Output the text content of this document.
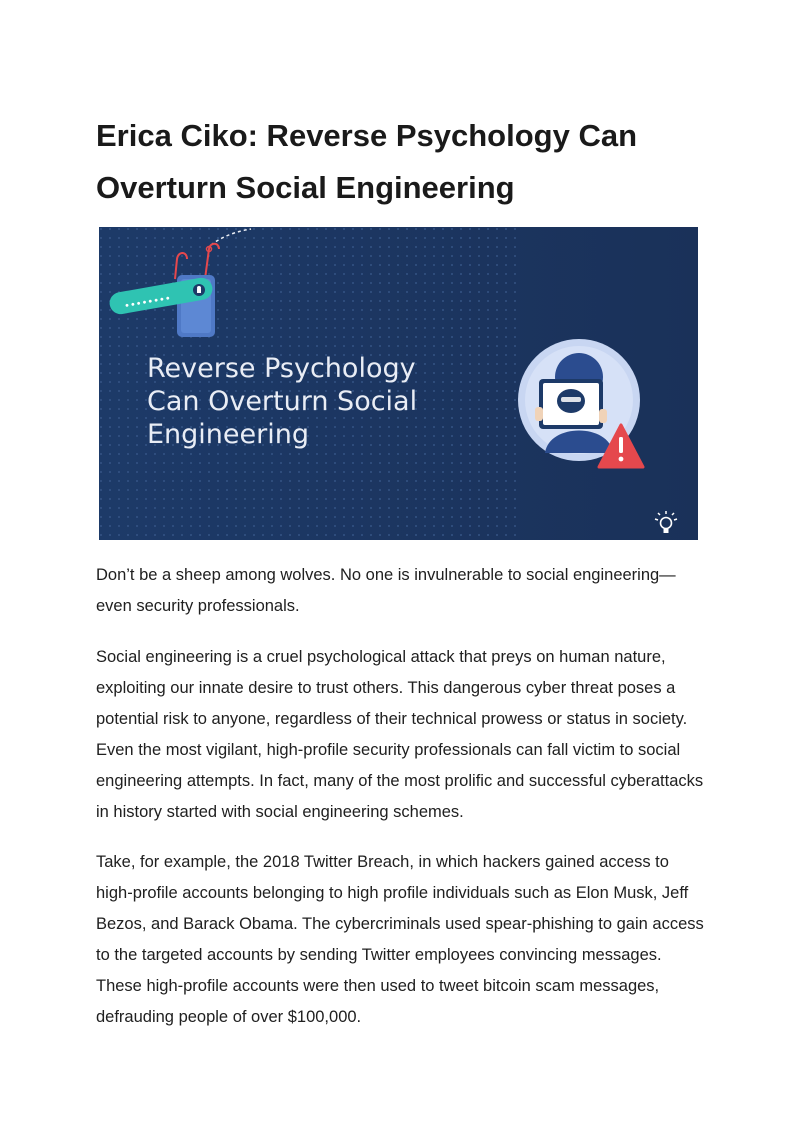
Erica Ciko: Reverse Psychology Can Overturn Social Engineering
••••••••
Reverse Psychology
Can Overturn Social
Engineering

Don’t be a sheep among wolves. No one is invulnerable to social engineering—even security professionals.

Social engineering is a cruel psychological attack that preys on human nature, exploiting our innate desire to trust others. This dangerous cyber threat poses a potential risk to anyone, regardless of their technical prowess or status in society. Even the most vigilant, high-profile security professionals can fall victim to social engineering attempts. In fact, many of the most prolific and successful cyberattacks in history started with social engineering schemes.

Take, for example, the 2018 Twitter Breach, in which hackers gained access to high-profile accounts belonging to high profile individuals such as Elon Musk, Jeff Bezos, and Barack Obama. The cybercriminals used spear-phishing to gain access to the targeted accounts by sending Twitter employees convincing messages. These high-profile accounts were then used to tweet bitcoin scam messages, defrauding people of over $100,000.
